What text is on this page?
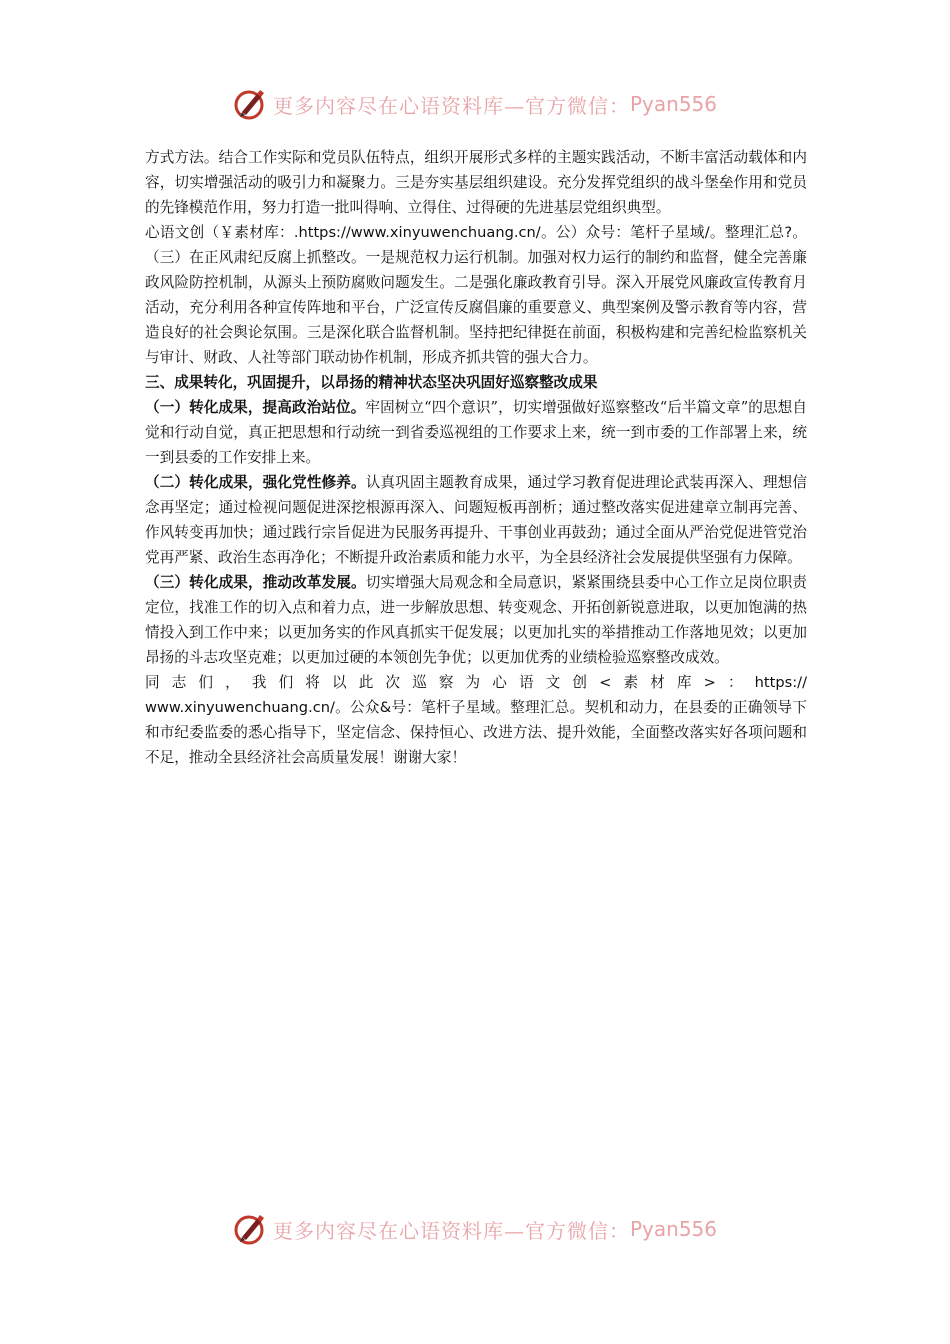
更多内容尽在心语资料库—官方微信： Pyan556

方式方法。结合工作实际和党员队伍特点，组织开展形式多样的主题实践活动，不断丰富活动载体和内容，切实增强活动的吸引力和凝聚力。三是夯实基层组织建设。充分发挥党组织的战斗堡垒作用和党员的先锋模范作用，努力打造一批叫得响、立得住、过得硬的先进基层党组织典型。

心语文创（￥素材库：.https://www.xinyuwenchuang.cn/。公）众号：笔杆子星域/。整理汇总?。（三）在正风肃纪反腐上抓整改。一是规范权力运行机制。加强对权力运行的制约和监督，健全完善廉政风险防控机制，从源头上预防腐败问题发生。二是强化廉政教育引导。深入开展党风廉政宣传教育月活动，充分利用各种宣传阵地和平台，广泛宣传反腐倡廉的重要意义、典型案例及警示教育等内容，营造良好的社会舆论氛围。三是深化联合监督机制。坚持把纪律挺在前面，积极构建和完善纪检监察机关与审计、财政、人社等部门联动协作机制，形成齐抓共管的强大合力。

三、成果转化，巩固提升，以昂扬的精神状态坚决巩固好巡察整改成果

（一）转化成果，提高政治站位。牢固树立“四个意识”，切实增强做好巡察整改“后半篇文章”的思想自觉和行动自觉，真正把思想和行动统一到省委巡视组的工作要求上来，统一到市委的工作部署上来，统一到县委的工作安排上来。

（二）转化成果，强化党性修养。认真巩固主题教育成果，通过学习教育促进理论武装再深入、理想信念再坚定；通过检视问题促进深挖根源再深入、问题短板再剖析；通过整改落实促进建章立制再完善、作风转变再加快；通过践行宗旨促进为民服务再提升、干事创业再鼓劲；通过全面从严治党促进管党治党再严紧、政治生态再净化；不断提升政治素质和能力水平，为全县经济社会发展提供坚强有力保障。

（三）转化成果，推动改革发展。切实增强大局观念和全局意识，紧紧围绕县委中心工作立足岗位职责定位，找准工作的切入点和着力点，进一步解放思想、转变观念、开拓创新锐意进取，以更加饱满的热情投入到工作中来；以更加务实的作风真抓实干促发展；以更加扎实的举措推动工作落地见效；以更加昂扬的斗志攻坚克难；以更加过硬的本领创先争优；以更加优秀的业绩检验巡察整改成效。

同志们，我们将以此次巡察为心语文创<素材库>：https://
www.xinyuwenchuang.cn/。公众&号：笔杆子星域。整理汇总。契机和动力，在县委的正确领导下和市纪委监委的悉心指导下，坚定信念、保持恒心、改进方法、提升效能，全面整改落实好各项问题和不足，推动全县经济社会高质量发展！谢谢大家！

更多内容尽在心语资料库—官方微信： Pyan556
